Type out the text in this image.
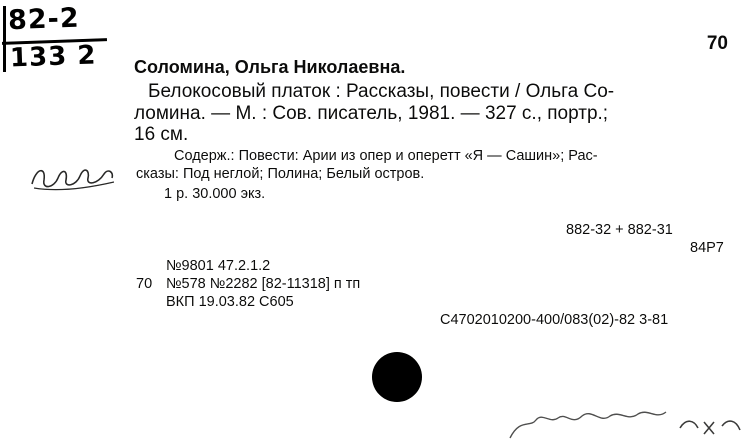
82-2
133 2	70
Соломина, Ольга Николаевна.
Белокосовый платок : Рассказы, повести / Ольга Со-
ломина. — М. : Сов. писатель, 1981. — 327 с., портр.;
16 см.
Содерж.: Повести: Арии из опер и оперетт «Я — Сашин»; Рас-
сказы: Под неглой; Полина; Белый остров.
1 р. 30.000 экз.
882-32 + 882-31
84Р7
№9801 47.2.1.2
70 №578 №2282 [82-11318] п тп
ВКП 19.03.82 С605
С4702010200-400/083(02)-82 3-81
